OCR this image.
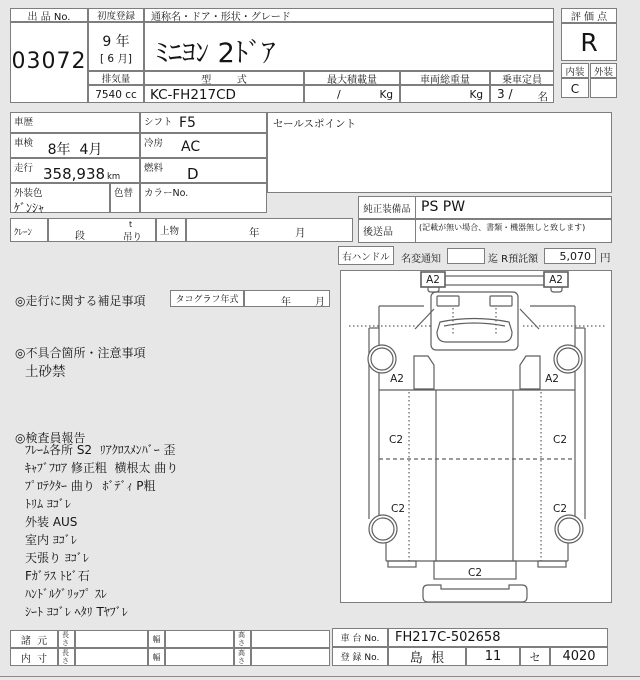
出 品 No.
03072
初度登録
9 年
[ 6 月]
通称名・ドア・形状・グレード
ﾐﾆﾖﾝ 2ﾄﾞｱ
排気量
7540 cc
型        式
KC-FH217CD
最大積載量
/	Kg
車両総重量
Kg
乗車定員
3 / 名
評 価 点
R
内装 外装
C
車歴	シフト F5
車検	8年  4月	冷房 AC
走行 358,938 km
燃料 D
外装色
ｹﾞﾝｼｬ
色替 カラーNo.
ｸﾚｰﾝ	段
t
吊り
上物	年	月
セールスポイント
純正装備品 PS PW
後送品	(記載が無い場合、書類・機器無しと致します)
右ハンドル 名変通知	迄 R預託額 5,070 円
◎走行に関する補足事項	タコグラフ年式	年 月
◎不具合箇所・注意事項
土砂禁
◎検査員報告
ﾌﾚｰﾑ各所 S2  ﾘｱｸﾛｽﾒﾝﾊﾞｰ 歪
ｷｬﾌﾞﾌﾛｱ 修正粗  横根太 曲り
ﾌﾟﾛﾃｸﾀｰ 曲り  ﾎﾞﾃﾞｨ P粗
ﾄﾘﾑ ﾖｺﾞﾚ
外装 AUS
室内 ﾖｺﾞﾚ
天張り ﾖｺﾞﾚ
Fｶﾞﾗｽ ﾄﾋﾞ石
ﾊﾝﾄﾞﾙｸﾞﾘｯﾌﾟ ｽﾚ
ｼｰﾄ ﾖｺﾞﾚ ﾍﾀﾘ Tﾔﾌﾞﾚ
A2	A2
A2	A2
C2	C2
C2	C2
C2
諸  元
長さ	幅	高さ
内  寸
長さ	幅	高さ
車 台 No. FH217C-502658
登 録 No. 島  根	11	セ 4020
